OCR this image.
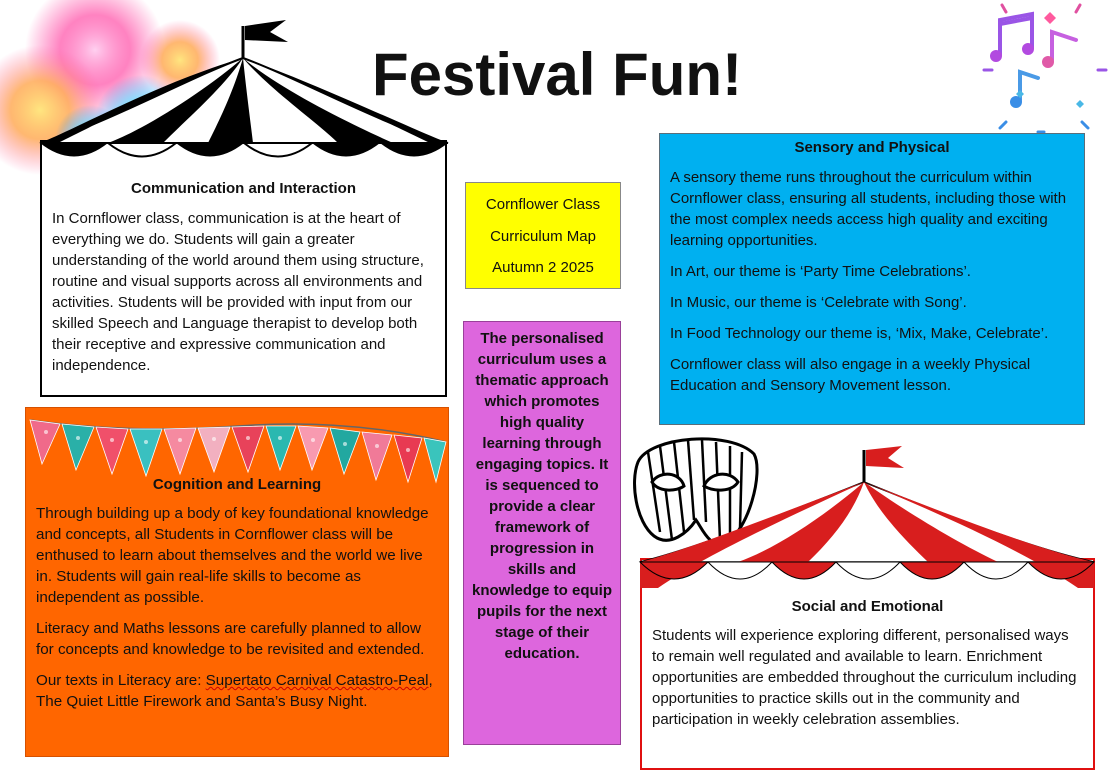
Festival Fun!
Communication and Interaction

In Cornflower class, communication is at the heart of everything we do. Students will gain a greater understanding of the world around them using structure, routine and visual supports across all environments and activities. Students will be provided with input from our skilled Speech and Language therapist to develop both their receptive and expressive communication and independence.

Cornflower Class
Curriculum Map
Autumn 2 2025

The personalised curriculum uses a thematic approach which promotes high quality learning through engaging topics. It is sequenced to provide a clear framework of progression in skills and knowledge to equip pupils for the next stage of their education.

Sensory and Physical

A sensory theme runs throughout the curriculum within Cornflower class, ensuring all students, including those with the most complex needs access high quality and exciting learning opportunities.

In Art, our theme is ‘Party Time Celebrations’.

In Music, our theme is ‘Celebrate with Song’.

In Food Technology our theme is, ‘Mix, Make, Celebrate’.

Cornflower class will also engage in a weekly Physical Education and Sensory Movement lesson.

Cognition and Learning

Through building up a body of key foundational knowledge and concepts, all Students in Cornflower class will be enthused to learn about themselves and the world we live in. Students will gain real-life skills to become as independent as possible.

Literacy and Maths lessons are carefully planned to allow for concepts and knowledge to be revisited and extended.

Our texts in Literacy are: Supertato Carnival Catastro-Peal, The Quiet Little Firework and Santa’s Busy Night.

Social and Emotional

Students will experience exploring different, personalised ways to remain well regulated and available to learn. Enrichment opportunities are embedded throughout the curriculum including opportunities to practice skills out in the community and participation in weekly celebration assemblies.
